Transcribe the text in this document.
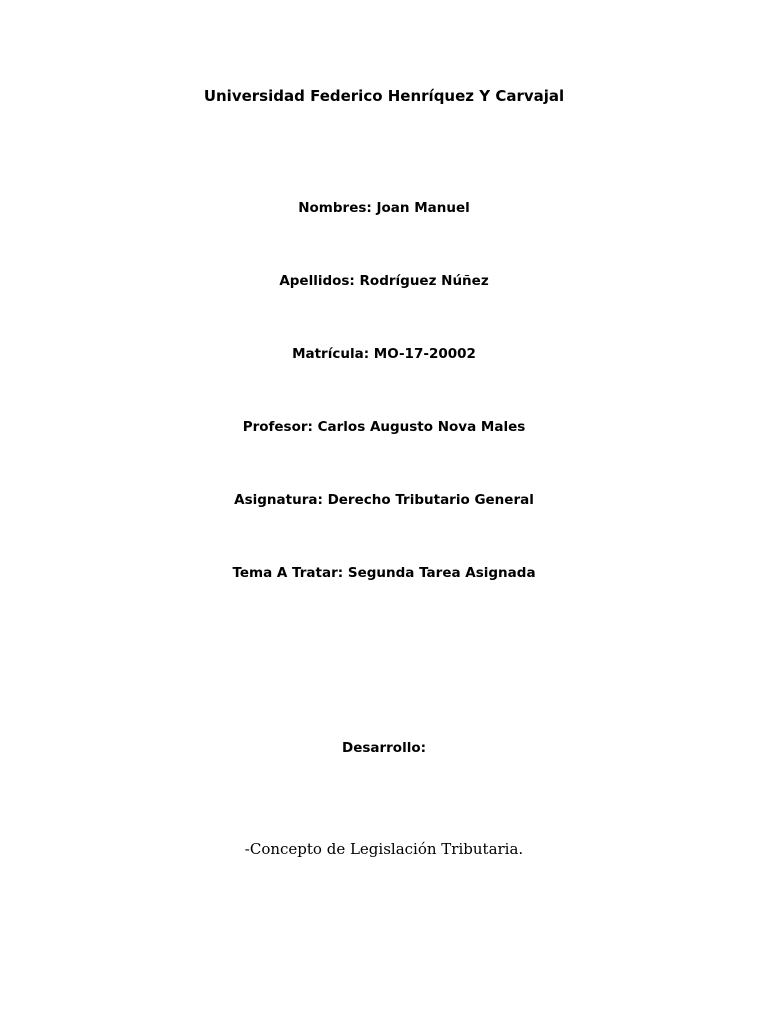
Universidad Federico Henríquez Y Carvajal
Nombres: Joan Manuel
Apellidos: Rodríguez Núñez
Matrícula: MO-17-20002
Profesor: Carlos Augusto Nova Males
Asignatura: Derecho Tributario General
Tema A Tratar: Segunda Tarea Asignada
Desarrollo:
-Concepto de Legislación Tributaria.
